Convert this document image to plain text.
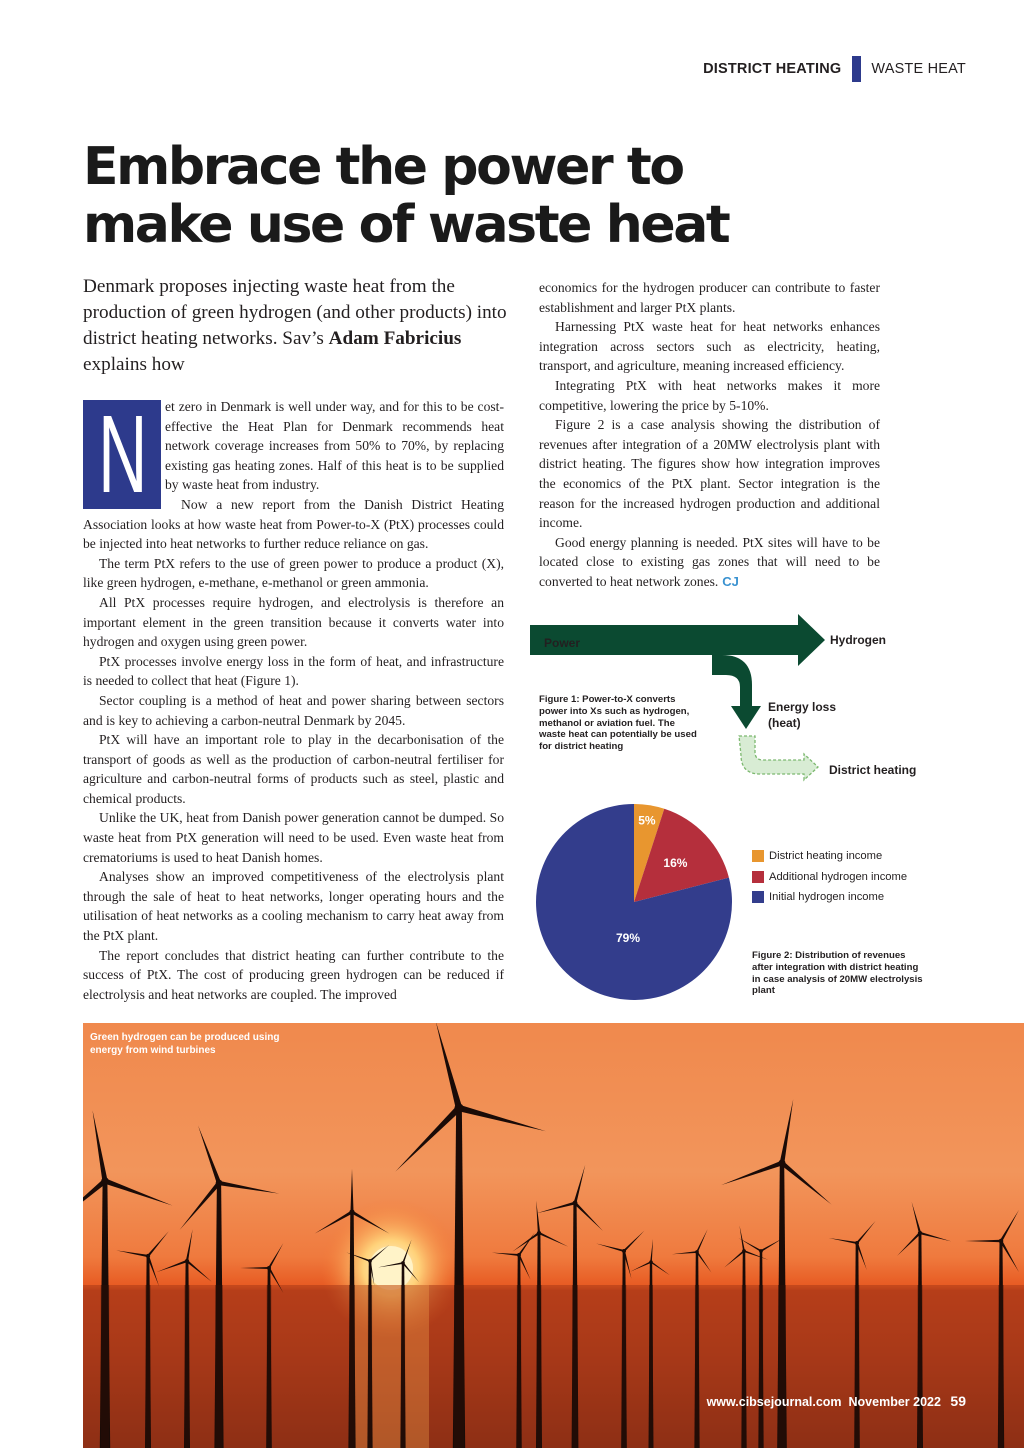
DISTRICT HEATING WASTE HEAT
Embrace the power to
make use of waste heat
Denmark proposes injecting waste heat from the production of green hydrogen (and other products) into district heating networks. Sav’s Adam Fabricius explains how
N	et zero in Denmark is well under way, and for this to be cost-effective the Heat Plan for Denmark recommends heat network coverage increases from 50% to 70%, by replacing existing gas heating zones. Half of this heat is to be supplied by waste heat from industry.

Now a new report from the Danish District Heating Association looks at how waste heat from Power-to-X (PtX) processes could be injected into heat networks to further reduce reliance on gas.

The term PtX refers to the use of green power to produce a product (X), like green hydrogen, e-methane, e-methanol or green ammonia.

All PtX processes require hydrogen, and electrolysis is therefore an important element in the green transition because it converts water into hydrogen and oxygen using green power.

PtX processes involve energy loss in the form of heat, and infrastructure is needed to collect that heat (Figure 1).

Sector coupling is a method of heat and power sharing between sectors and is key to achieving a carbon-neutral Denmark by 2045.

PtX will have an important role to play in the decarbonisation of the transport of goods as well as the production of carbon-neutral fertiliser for agriculture and carbon-neutral forms of products such as steel, plastic and chemical products.

Unlike the UK, heat from Danish power generation cannot be dumped. So waste heat from PtX generation will need to be used. Even waste heat from crematoriums is used to heat Danish homes.

Analyses show an improved competitiveness of the electrolysis plant through the sale of heat to heat networks, longer operating hours and the utilisation of heat networks as a cooling mechanism to carry heat away from the PtX plant.

The report concludes that district heating can further contribute to the success of PtX. The cost of producing green hydrogen can be reduced if electrolysis and heat networks are coupled. The improved

economics for the hydrogen producer can contribute to faster establishment and larger PtX plants.

Harnessing PtX waste heat for heat networks enhances integration across sectors such as electricity, heating, transport, and agriculture, meaning increased efficiency.

Integrating PtX with heat networks makes it more competitive, lowering the price by 5-10%.

Figure 2 is a case analysis showing the distribution of revenues after integration of a 20MW electrolysis plant with district heating. The figures show how integration improves the economics of the PtX plant. Sector integration is the reason for the increased hydrogen production and additional income.

Good energy planning is needed. PtX sites will have to be located close to existing gas zones that will need to be converted to heat network zones. CJ

Power	Hydrogen
Energy loss
(heat)
District heating
Figure 1: Power-to-X converts power into Xs such as hydrogen, methanol or aviation fuel. The waste heat can potentially be used for district heating
5%
16%
79%
District heating income
Additional hydrogen income
Initial hydrogen income
Figure 2: Distribution of revenues after integration with district heating in case analysis of 20MW electrolysis plant
Green hydrogen can be produced using energy from wind turbines
www.cibsejournal.com November 2022 59
